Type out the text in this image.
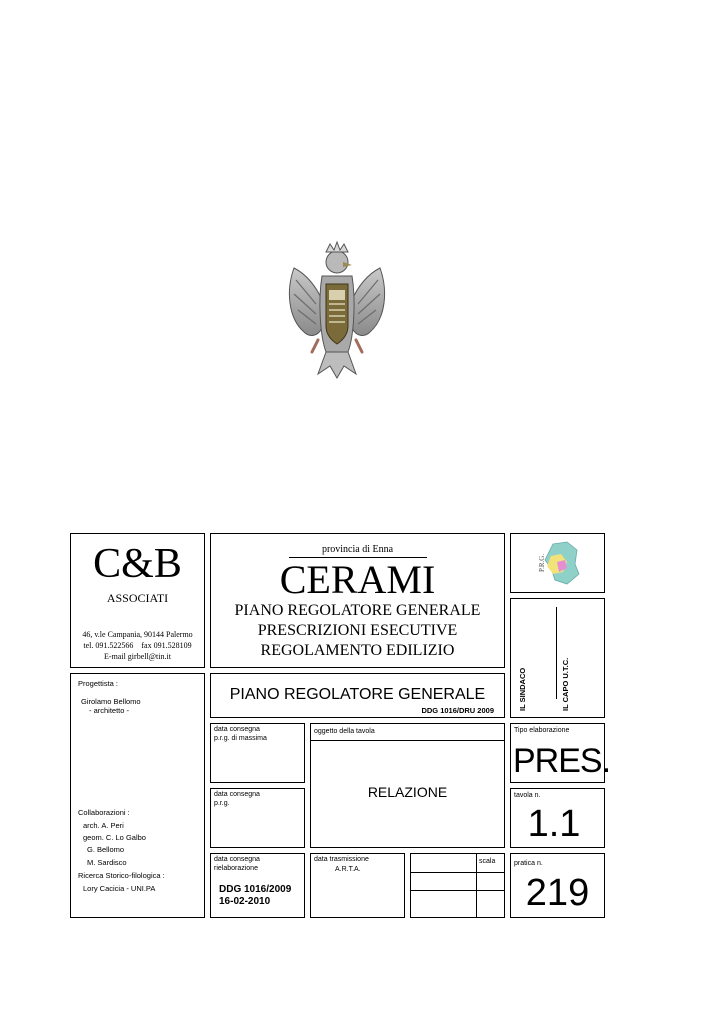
C&B
ASSOCIATI
46, v.le Campania, 90144 Palermo
tel. 091.522566    fax 091.528109
E-mail girbell@tin.it
provincia di Enna
CERAMI
PIANO REGOLATORE GENERALE
PRESCRIZIONI ESECUTIVE
REGOLAMENTO EDILIZIO
P.R.G.
IL SINDACO	IL CAPO U.T.C.
Progettista :
Girolamo Bellomo
- architetto -
Collaborazioni :
arch. A. Peri
geom. C. Lo Galbo
G. Bellomo
M. Sardisco
Ricerca Storico-filologica :
Lory Cacicia - UNI.PA
PIANO REGOLATORE GENERALE
DDG 1016/DRU 2009
data consegna
p.r.g. di massima
oggetto della tavola
RELAZIONE
Tipo elaborazione
PRES.
data consegna
p.r.g.
tavola n.
1.1
data consegna
rielaborazione
DDG 1016/2009
16-02-2010
data trasmissione
A.R.T.A.
scala	pratica n.
219
